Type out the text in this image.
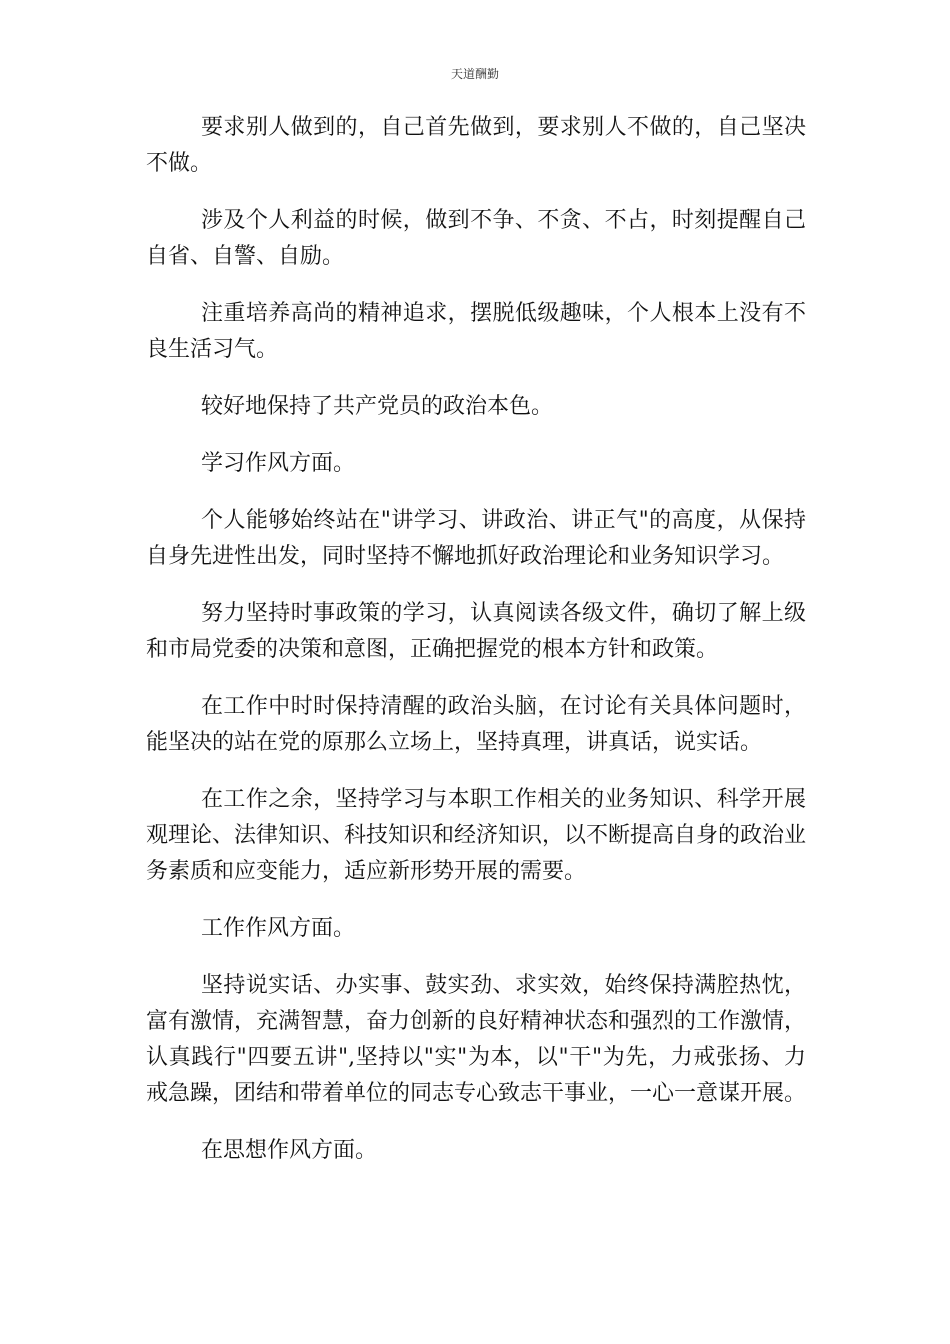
天道酬勤

要求别人做到的，自己首先做到，要求别人不做的，自己坚决不做。

涉及个人利益的时候，做到不争、不贪、不占，时刻提醒自己自省、自警、自励。

注重培养高尚的精神追求，摆脱低级趣味，个人根本上没有不良生活习气。

较好地保持了共产党员的政治本色。

学习作风方面。

个人能够始终站在"讲学习、讲政治、讲正气"的高度，从保持自身先进性出发，同时坚持不懈地抓好政治理论和业务知识学习。

努力坚持时事政策的学习，认真阅读各级文件，确切了解上级和市局党委的决策和意图，正确把握党的根本方针和政策。

在工作中时时保持清醒的政治头脑，在讨论有关具体问题时，能坚决的站在党的原那么立场上，坚持真理，讲真话，说实话。

在工作之余，坚持学习与本职工作相关的业务知识、科学开展观理论、法律知识、科技知识和经济知识，以不断提高自身的政治业务素质和应变能力，适应新形势开展的需要。

工作作风方面。

坚持说实话、办实事、鼓实劲、求实效，始终保持满腔热忱，富有激情，充满智慧，奋力创新的良好精神状态和强烈的工作激情，认真践行"四要五讲",坚持以"实"为本，以"干"为先，力戒张扬、力戒急躁，团结和带着单位的同志专心致志干事业，一心一意谋开展。

在思想作风方面。
